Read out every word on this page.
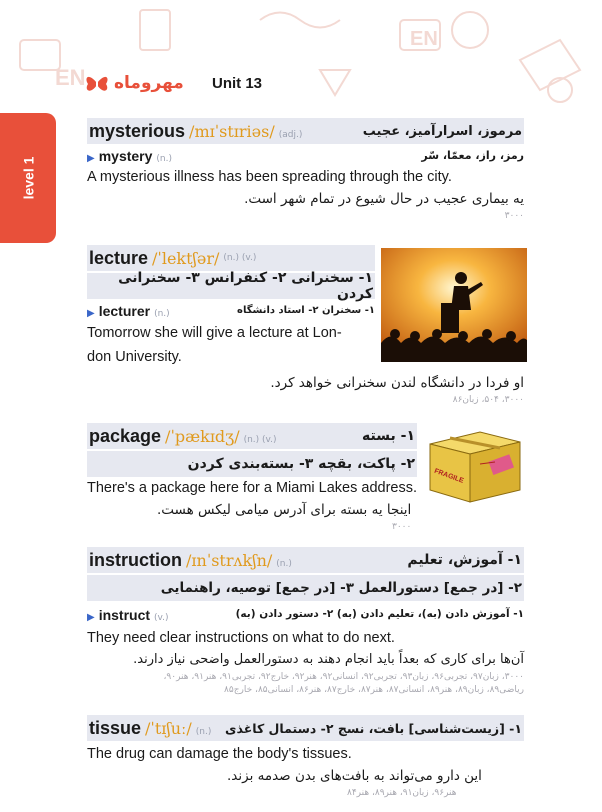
EN
EN
level 1
مهروماه Unit 13
mysterious /mɪˈstɪriəs/ (adj.)	مرموز، اسرارآمیز، عجیب
▶ mystery (n.)	رمز، راز، معمّا، سّر
A mysterious illness has been spreading through the city.
یه بیماری عجیب در حال شیوع در تمام شهر است.
۳۰۰۰
lecture /ˈlektʃər/ (n.) (v.)
۱- سخنرانی ۲- کنفرانس ۳- سخنرانی کردن
▶ lecturer (n.)	۱- سخنران ۲- استاد دانشگاه
Tomorrow she will give a lecture at Lon-
don University.
او فردا در دانشگاه لندن سخنرانی خواهد کرد.
۳۰۰۰، ۵۰۴، زبان۸۶
package /ˈpækɪdʒ/ (n.) (v.)	۱- بسته
۲- پاکت، بقچه ۳- بسته‌بندی کردن
There's a package here for a Miami Lakes address.
اینجا یه بسته برای آدرس میامی لیکس هست.
۳۰۰۰
FRAGILE
instruction /ɪnˈstrʌkʃn/ (n.)	۱- آموزش، تعلیم
۲- [در جمع] دستورالعمل ۳- [در جمع] توصیه، راهنمایی
▶ instruct (v.)	۱- آموزش دادن (به)، تعلیم دادن (به) ۲- دستور دادن (به)
They need clear instructions on what to do next.
آن‌ها برای کاری که بعداً باید انجام دهند به دستورالعمل واضحی نیاز دارند.
۳۰۰۰، زبان۹۷، تجربی۹۶، زبان۹۳، تجربی۹۲، انسانی۹۲، هنر۹۲، خارج۹۲، تجربی۹۱، هنر۹۱، هنر۹۰،
ریاضی۸۹، زبان۸۹، هنر۸۹، انسانی۸۷، هنر۸۷، خارج۸۷، هنر۸۶، انسانی۸۵، خارج۸۵
tissue /ˈtɪʃuː/ (n.) ۱- [زیست‌شناسی] بافت، نسج ۲- دستمال کاغذی
The drug can damage the body's tissues.
این دارو می‌تواند به بافت‌های بدن صدمه بزند.
هنر۹۶، زبان۹۱، هنر۸۹، هنر۸۴
